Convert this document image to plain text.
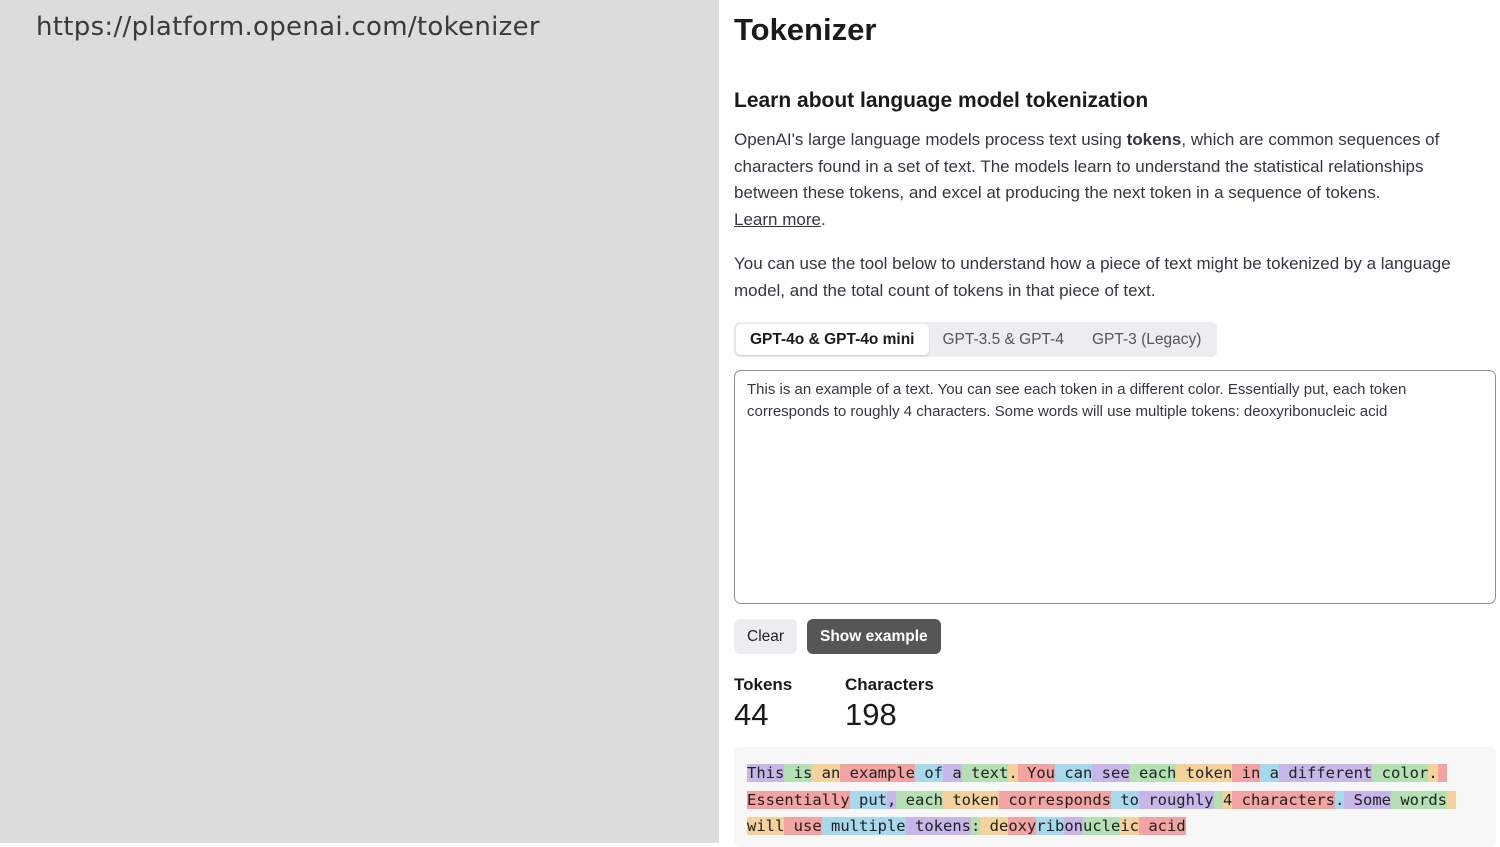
https://platform.openai.com/tokenizer	Tokenizer
Learn about language model tokenization

OpenAI's large language models process text using tokens, which are common sequences of characters found in a set of text. The models learn to understand the statistical relationships between these tokens, and excel at producing the next token in a sequence of tokens.
Learn more.

You can use the tool below to understand how a piece of text might be tokenized by a language model, and the total count of tokens in that piece of text.

GPT-4o & GPT-4o mini	GPT-3.5 & GPT-4	GPT-3 (Legacy)
This is an example of a text. You can see each token in a different color. Essentially put, each token corresponds to roughly 4 characters. Some words will use multiple tokens: deoxyribonucleic acid
Clear	Show example
Tokens
44
Characters
198
This is an example of a text. You can see each token in a different color. Essentially put, each token corresponds to roughly 4 characters. Some words will use multiple tokens: deoxyribonucleic acid
